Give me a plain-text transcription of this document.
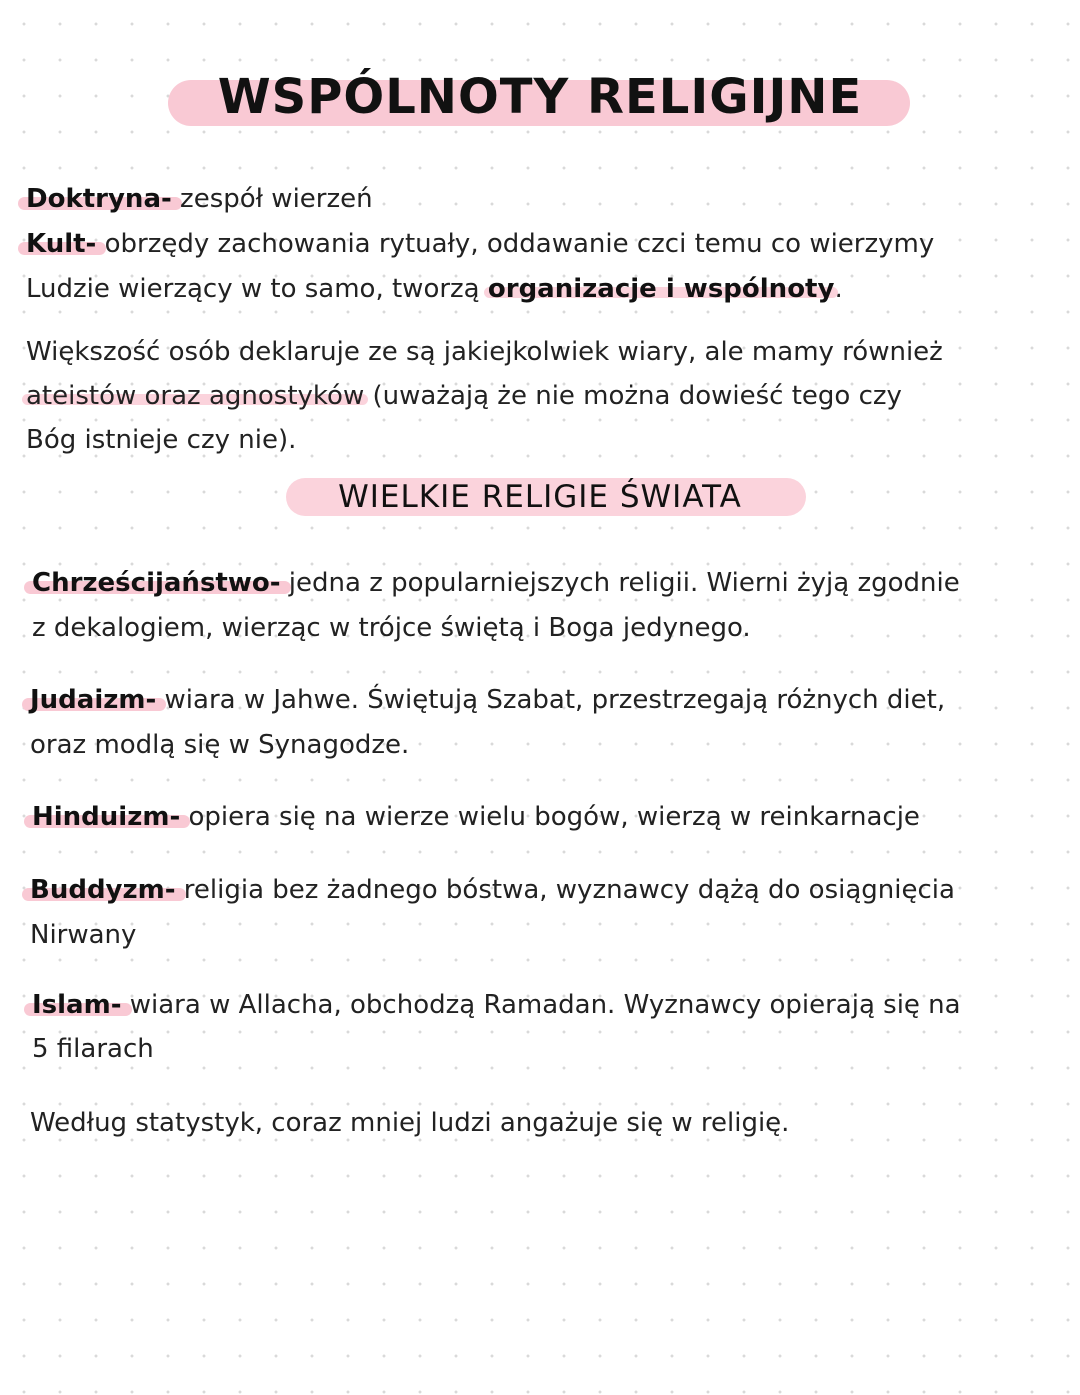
WSPÓLNOTY RELIGIJNE

Doktryna- zespół wierzeń

Kult- obrzędy zachowania rytuały, oddawanie czci temu co wierzymy

Ludzie wierzący w to samo, tworzą organizacje i wspólnoty.

Większość osób deklaruje ze są jakiejkolwiek wiary, ale mamy również

ateistów oraz agnostyków (uważają że nie można dowieść tego czy

Bóg istnieje czy nie).

WIELKIE RELIGIE ŚWIATA

Chrześcijaństwo- jedna z popularniejszych religii. Wierni żyją zgodnie

z dekalogiem, wierząc w trójce świętą i Boga jedynego.

Judaizm- wiara w Jahwe. Świętują Szabat, przestrzegają różnych diet,

oraz modlą się w Synagodze.

Hinduizm- opiera się na wierze wielu bogów, wierzą w reinkarnacje

Buddyzm- religia bez żadnego bóstwa, wyznawcy dążą do osiągnięcia

Nirwany

Islam- wiara w Allacha, obchodzą Ramadan. Wyznawcy opierają się na

5 filarach

Według statystyk, coraz mniej ludzi angażuje się w religię.
